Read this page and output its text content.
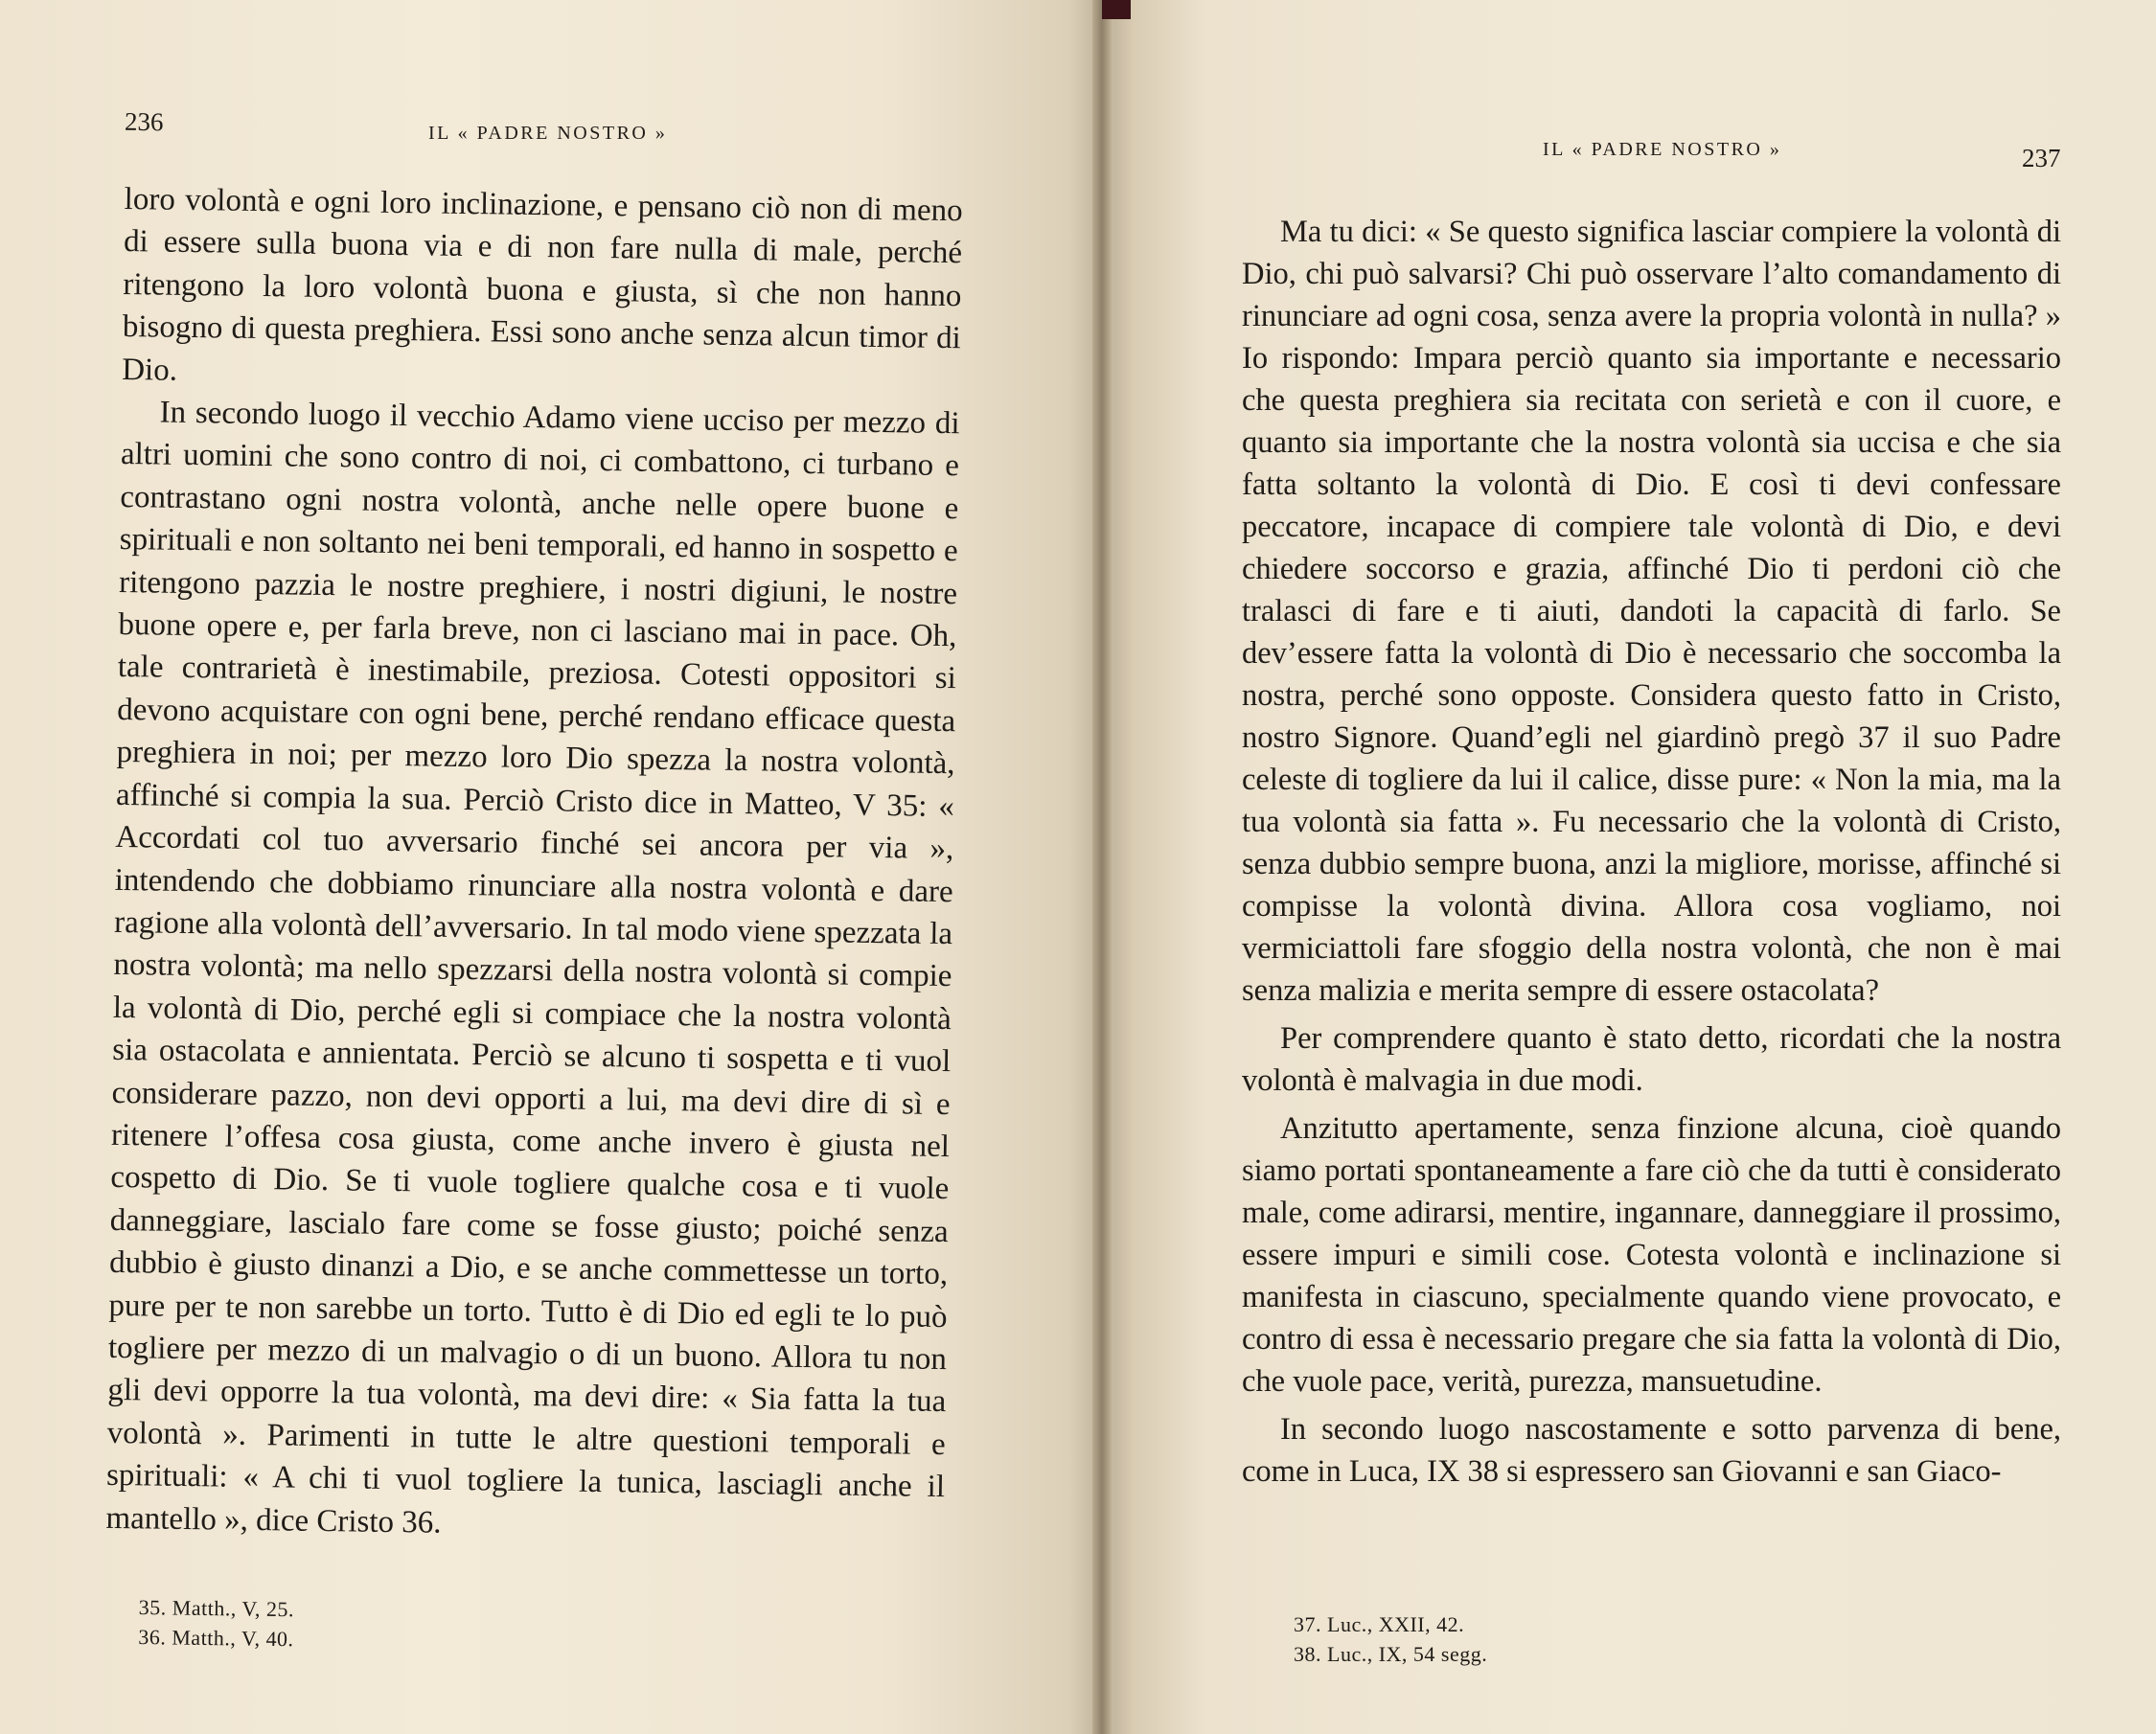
236	IL « PADRE NOSTRO »

loro volontà e ogni loro inclinazione, e pensano ciò non di meno di essere sulla buona via e di non fare nulla di male, perché ritengono la loro volontà buona e giusta, sì che non hanno bisogno di questa preghiera. Essi sono anche senza alcun timor di Dio.

In secondo luogo il vecchio Adamo viene ucciso per mezzo di altri uomini che sono contro di noi, ci combattono, ci turbano e contrastano ogni nostra volontà, anche nelle opere buone e spirituali e non soltanto nei beni temporali, ed hanno in sospetto e ritengono pazzia le nostre preghiere, i nostri digiuni, le nostre buone opere e, per farla breve, non ci lasciano mai in pace. Oh, tale contrarietà è inestimabile, preziosa. Cotesti oppositori si devono acquistare con ogni bene, perché rendano efficace questa preghiera in noi; per mezzo loro Dio spezza la nostra volontà, affinché si compia la sua. Perciò Cristo dice in Matteo, V 35: « Accordati col tuo avversario finché sei ancora per via », intendendo che dobbiamo rinunciare alla nostra volontà e dare ragione alla volontà dell’avversario. In tal modo viene spezzata la nostra volontà; ma nello spezzarsi della nostra volontà si compie la volontà di Dio, perché egli si compiace che la nostra volontà sia ostacolata e annientata. Perciò se alcuno ti sospetta e ti vuol considerare pazzo, non devi opporti a lui, ma devi dire di sì e ritenere l’offesa cosa giusta, come anche invero è giusta nel cospetto di Dio. Se ti vuole togliere qualche cosa e ti vuole danneggiare, lascialo fare come se fosse giusto; poiché senza dubbio è giusto dinanzi a Dio, e se anche commettesse un torto, pure per te non sarebbe un torto. Tutto è di Dio ed egli te lo può togliere per mezzo di un malvagio o di un buono. Allora tu non gli devi opporre la tua volontà, ma devi dire: « Sia fatta la tua volontà ». Parimenti in tutte le altre questioni temporali e spirituali: « A chi ti vuol togliere la tunica, lasciagli anche il mantello », dice Cristo 36.

35. Matth., V, 25.
36. Matth., V, 40.
IL « PADRE NOSTRO »	237

Ma tu dici: « Se questo significa lasciar compiere la volontà di Dio, chi può salvarsi? Chi può osservare l’alto comandamento di rinunciare ad ogni cosa, senza avere la propria volontà in nulla? » Io rispondo: Impara perciò quanto sia importante e necessario che questa preghiera sia recitata con serietà e con il cuore, e quanto sia importante che la nostra volontà sia uccisa e che sia fatta soltanto la volontà di Dio. E così ti devi confessare peccatore, incapace di compiere tale volontà di Dio, e devi chiedere soccorso e grazia, affinché Dio ti perdoni ciò che tralasci di fare e ti aiuti, dandoti la capacità di farlo. Se dev’essere fatta la volontà di Dio è necessario che soccomba la nostra, perché sono opposte. Considera questo fatto in Cristo, nostro Signore. Quand’egli nel giardinò pregò 37 il suo Padre celeste di togliere da lui il calice, disse pure: « Non la mia, ma la tua volontà sia fatta ». Fu necessario che la volontà di Cristo, senza dubbio sempre buona, anzi la migliore, morisse, affinché si compisse la volontà divina. Allora cosa vogliamo, noi vermiciattoli fare sfoggio della nostra volontà, che non è mai senza malizia e merita sempre di essere ostacolata?

Per comprendere quanto è stato detto, ricordati che la nostra volontà è malvagia in due modi.

Anzitutto apertamente, senza finzione alcuna, cioè quando siamo portati spontaneamente a fare ciò che da tutti è considerato male, come adirarsi, mentire, ingannare, danneggiare il prossimo, essere impuri e simili cose. Cotesta volontà e inclinazione si manifesta in ciascuno, specialmente quando viene provocato, e contro di essa è necessario pregare che sia fatta la volontà di Dio, che vuole pace, verità, purezza, mansuetudine.

In secondo luogo nascostamente e sotto parvenza di bene, come in Luca, IX 38 si espressero san Giovanni e san Giaco-

37. Luc., XXII, 42.
38. Luc., IX, 54 segg.
